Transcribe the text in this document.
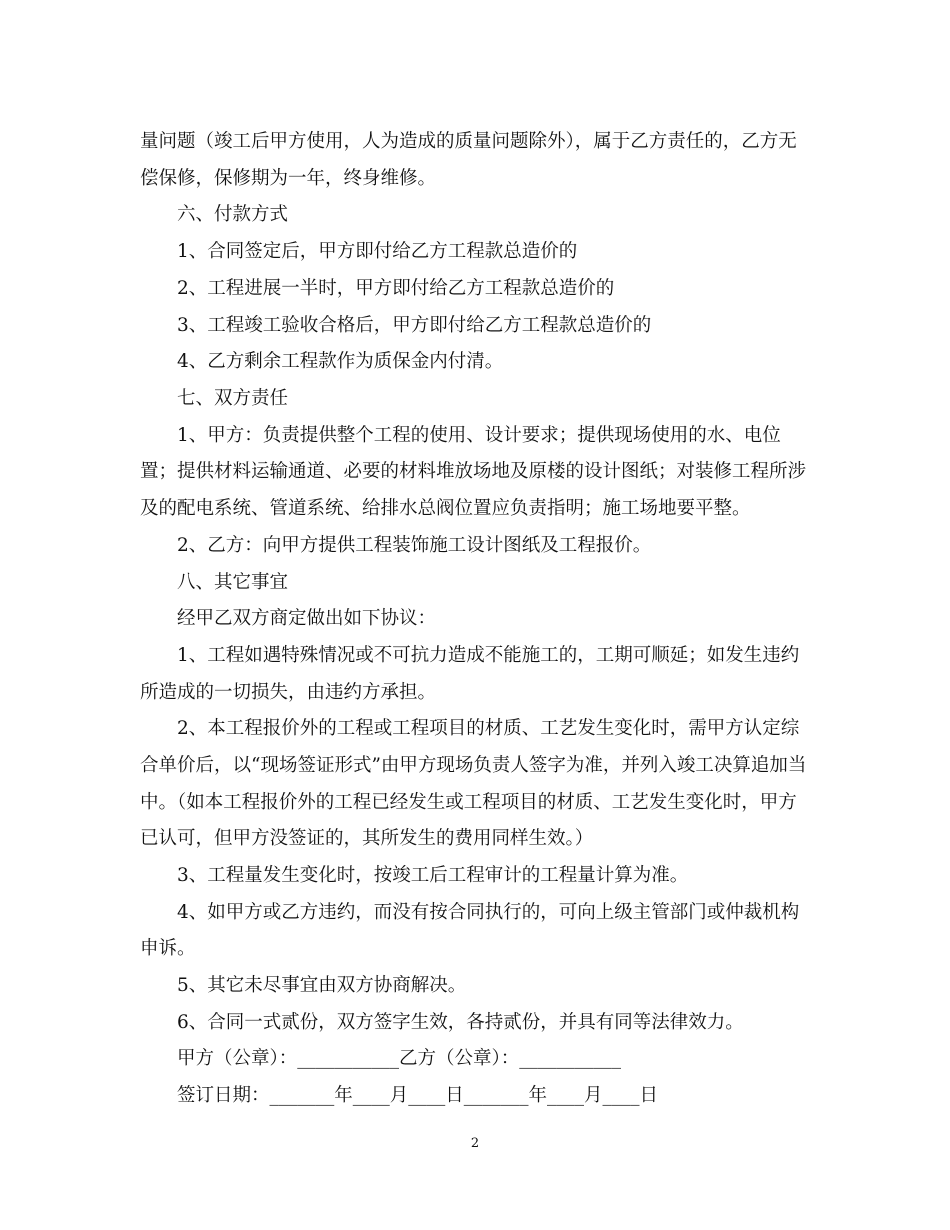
量问题（竣工后甲方使用，人为造成的质量问题除外），属于乙方责任的，乙方无
偿保修，保修期为一年，终身维修。
六、付款方式
1、合同签定后，甲方即付给乙方工程款总造价的
2、工程进展一半时，甲方即付给乙方工程款总造价的
3、工程竣工验收合格后，甲方即付给乙方工程款总造价的
4、乙方剩余工程款作为质保金内付清。
七、双方责任
1、甲方：负责提供整个工程的使用、设计要求；提供现场使用的水、电位
置；提供材料运输通道、必要的材料堆放场地及原楼的设计图纸；对装修工程所涉
及的配电系统、管道系统、给排水总阀位置应负责指明；施工场地要平整。
2、乙方：向甲方提供工程装饰施工设计图纸及工程报价。
八、其它事宜
经甲乙双方商定做出如下协议：
1、工程如遇特殊情况或不可抗力造成不能施工的，工期可顺延；如发生违约
所造成的一切损失，由违约方承担。
2、本工程报价外的工程或工程项目的材质、工艺发生变化时，需甲方认定综
合单价后，以“现场签证形式”由甲方现场负责人签字为准，并列入竣工决算追加当
中。（如本工程报价外的工程已经发生或工程项目的材质、工艺发生变化时，甲方
已认可，但甲方没签证的，其所发生的费用同样生效。）
3、工程量发生变化时，按竣工后工程审计的工程量计算为准。
4、如甲方或乙方违约，而没有按合同执行的，可向上级主管部门或仲裁机构
申诉。
5、其它未尽事宜由双方协商解决。
6、合同一式贰份，双方签字生效，各持贰份，并具有同等法律效力。
甲方（公章）：___________乙方（公章）：___________
签订日期：_______年____月____日_______年____月____日
2
